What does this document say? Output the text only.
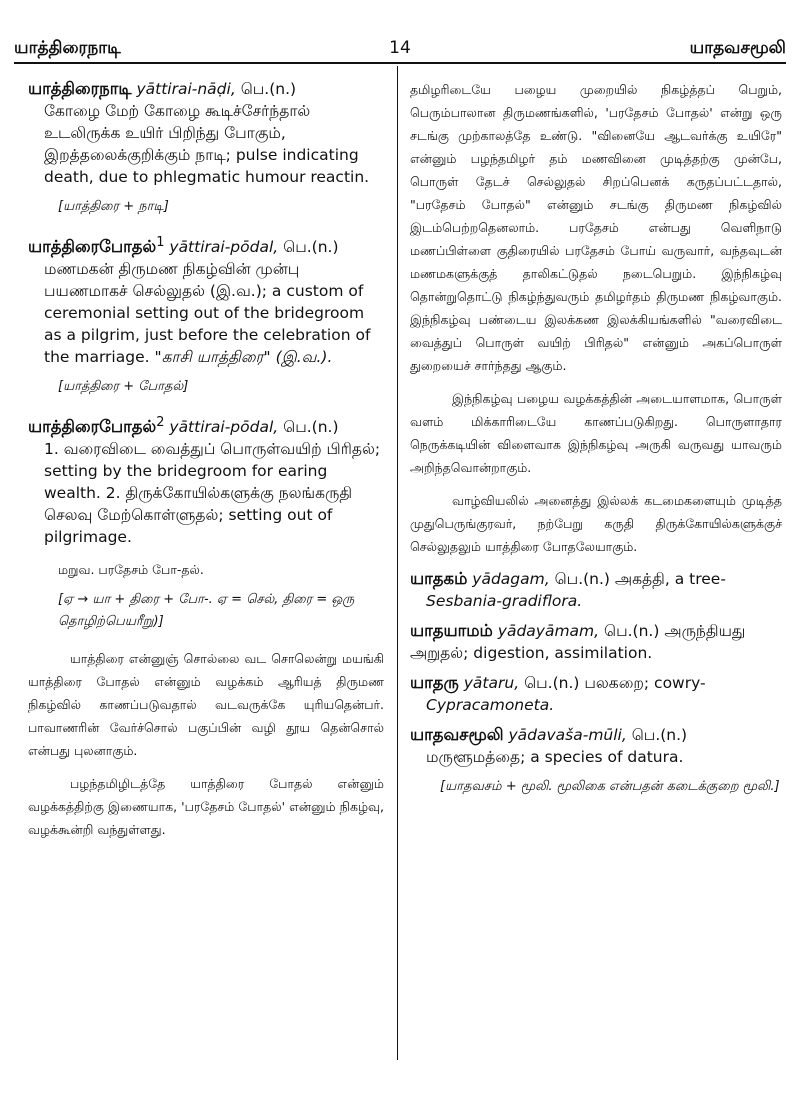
யாத்திரைநாடி	14	யாதவசமூலி
யாத்திரைநாடி yāttirai-nāḍi, பெ.(n.)
கோழை மேற் கோழை கூடிச்சேர்ந்தால் உடலிருக்க உயிர் பிறிந்து போகும், இறத்தலைக்குறிக்கும் நாடி; pulse indicating death, due to phlegmatic humour reactin.
[யாத்திரை + நாடி]
யாத்திரைபோதல்$^1$ yāttirai-pōdal, பெ.(n.)
மணமகன் திருமண நிகழ்வின் முன்பு பயணமாகச் செல்லுதல் (இ.வ.); a custom of ceremonial setting out of the bridegroom as a pilgrim, just before the celebration of the marriage. "காசி யாத்திரை" (இ.வ.).
[யாத்திரை + போதல்]
யாத்திரைபோதல்$^2$ yāttirai-pōdal, பெ.(n.)
1. வரைவிடை வைத்துப் பொருள்வயிற் பிரிதல்; setting by the bridegroom for earing wealth. 2. திருக்கோயில்களுக்கு நலங்கருதி செலவு மேற்கொள்ளுதல்; setting out of pilgrimage.
மறுவ. பரதேசம் போ-தல்.
[ஏ → யா + திரை + போ-. ஏ = செல், திரை = ஒரு தொழிற்பெயரீறு)]

யாத்திரை என்னுஞ் சொல்லை வட சொலென்று மயங்கி யாத்திரை போதல் என்னும் வழக்கம் ஆரியத் திருமண நிகழ்வில் காணப்படுவதால் வடவருக்கே யுரியதென்பர். பாவாணரின் வேர்ச்சொல் பகுப்பின் வழி தூய தென்சொல் என்பது புலனாகும்.

பழந்தமிழிடத்தே யாத்திரை போதல் என்னும் வழக்கத்திற்கு இணையாக, 'பரதேசம் போதல்' என்னும் நிகழ்வு, வழக்கூன்றி வந்துள்ளது.

தமிழரிடையே பழைய முறையில் நிகழ்த்தப் பெறும், பெரும்பாலான திருமணங்களில், 'பரதேசம் போதல்' என்று ஒரு சடங்கு முற்காலத்தே உண்டு. "வினையே ஆடவர்க்கு உயிரே" என்னும் பழந்தமிழர் தம் மணவினை முடித்தற்கு முன்பே, பொருள் தேடச் செல்லுதல் சிறப்பெனக் கருதப்பட்டதால், "பரதேசம் போதல்" என்னும் சடங்கு திருமண நிகழ்வில் இடம்பெற்றதெனலாம். பரதேசம் என்பது வெளிநாடு மணப்பிள்ளை குதிரையில் பரதேசம் போய் வருவார், வந்தவுடன் மணமகளுக்குத் தாலிகட்டுதல் நடைபெறும். இந்நிகழ்வு தொன்றுதொட்டு நிகழ்ந்துவரும் தமிழர்தம் திருமண நிகழ்வாகும். இந்நிகழ்வு பண்டைய இலக்கண இலக்கியங்களில் "வரைவிடை வைத்துப் பொருள் வயிற் பிரிதல்" என்னும் அகப்பொருள் துறையைச் சார்ந்தது ஆகும்.

இந்நிகழ்வு பழைய வழக்கத்தின் அடையாளமாக, பொருள் வளம் மிக்காரிடையே காணப்படுகிறது. பொருளாதார நெருக்கடியின் விளைவாக இந்நிகழ்வு அருகி வருவது யாவரும் அறிந்தவொன்றாகும்.

வாழ்வியலில் அனைத்து இல்லக் கடமைகளையும் முடித்த முதுபெருங்குரவர், நற்பேறு கருதி திருக்கோயில்களுக்குச் செல்லுதலும் யாத்திரை போதலேயாகும்.

யாதகம் yādagam, பெ.(n.) அகத்தி, a tree-
Sesbania-gradiflora.
யாதயாமம் yādayāmam, பெ.(n.) அருந்தியது அறுதல்; digestion, assimilation.
யாதரு yātaru, பெ.(n.) பலகறை; cowry-
Cypracamoneta.
யாதவசமூலி yādavaša-mūli, பெ.(n.)
மருளூமத்தை; a species of datura.
[யாதவசம் + மூலி. மூலிகை என்பதன் கடைக்குறை மூலி.]
